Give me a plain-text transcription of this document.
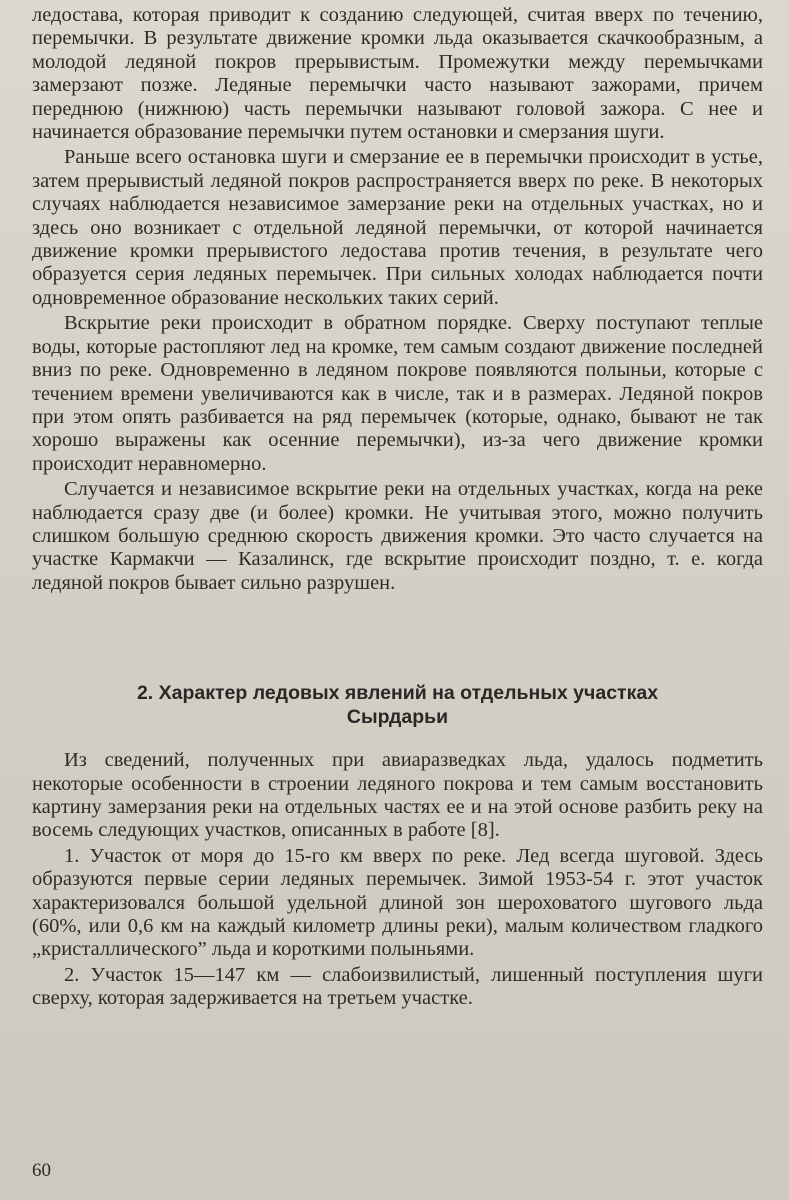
ледостава, которая приводит к созданию следующей, считая вверх по течению, перемычки. В результате движение кромки льда оказывается скачкообразным, а молодой ледяной покров прерывистым. Промежутки между перемычками замерзают позже. Ледяные перемычки часто называют зажорами, причем переднюю (нижнюю) часть перемычки называют головой зажора. С нее и начинается образование перемычки путем остановки и смерзания шуги.

Раньше всего остановка шуги и смерзание ее в перемычки происходит в устье, затем прерывистый ледяной покров распространяется вверх по реке. В некоторых случаях наблюдается независимое замерзание реки на отдельных участках, но и здесь оно возникает с отдельной ледяной перемычки, от которой начинается движение кромки прерывистого ледостава против течения, в результате чего образуется серия ледяных перемычек. При сильных холодах наблюдается почти одновременное образование нескольких таких серий.

Вскрытие реки происходит в обратном порядке. Сверху поступают теплые воды, которые растопляют лед на кромке, тем самым создают движение последней вниз по реке. Одновременно в ледяном покрове появляются полыньи, которые с течением времени увеличиваются как в числе, так и в размерах. Ледяной покров при этом опять разбивается на ряд перемычек (которые, однако, бывают не так хорошо выражены как осенние перемычки), из-за чего движение кромки происходит неравномерно.

Случается и независимое вскрытие реки на отдельных участках, когда на реке наблюдается сразу две (и более) кромки. Не учитывая этого, можно получить слишком большую среднюю скорость движения кромки. Это часто случается на участке Кармакчи — Казалинск, где вскрытие происходит поздно, т. е. когда ледяной покров бывает сильно разрушен.

2. Характер ледовых явлений на отдельных участках
Сырдарьи

Из сведений, полученных при авиаразведках льда, удалось подметить некоторые особенности в строении ледяного покрова и тем самым восстановить картину замерзания реки на отдельных частях ее и на этой основе разбить реку на восемь следующих участков, описанных в работе [8].

1. Участок от моря до 15-го км вверх по реке. Лед всегда шуговой. Здесь образуются первые серии ледяных перемычек. Зимой 1953-54 г. этот участок характеризовался большой удельной длиной зон шероховатого шугового льда (60%, или 0,6 км на каждый километр длины реки), малым количеством гладкого „кристаллического” льда и короткими полыньями.

2. Участок 15—147 км — слабоизвилистый, лишенный поступления шуги сверху, которая задерживается на третьем участке.

60
